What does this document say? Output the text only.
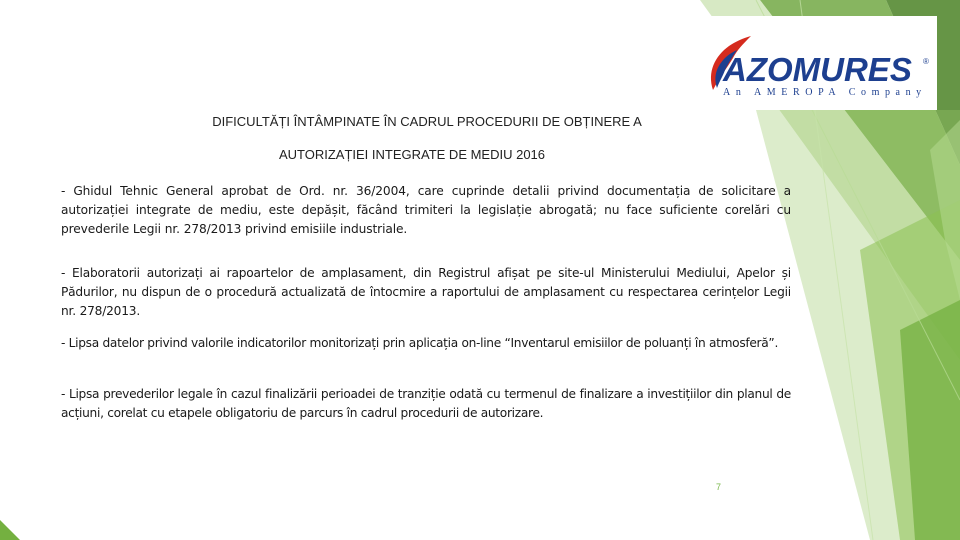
AZOMURES ®
An AMEROPA Company
DIFICULTĂȚI ÎNTÂMPINATE ÎN CADRUL PROCEDURII DE OBȚINERE A
AUTORIZAȚIEI INTEGRATE DE MEDIU 2016
- Ghidul Tehnic General aprobat de Ord. nr. 36/2004, care cuprinde detalii privind documentația de solicitare a autorizației integrate de mediu, este depășit, făcând trimiteri la legislație abrogată; nu face suficiente corelări cu prevederile Legii nr. 278/2013 privind emisiile industriale.
- Elaboratorii autorizați ai rapoartelor de amplasament, din Registrul afișat pe site-ul Ministerului Mediului, Apelor și Pădurilor, nu dispun de o procedură actualizată de întocmire a raportului de amplasament cu respectarea cerințelor Legii nr. 278/2013.
- Lipsa datelor privind valorile indicatorilor monitorizați prin aplicația on-line “Inventarul emisiilor de poluanți în atmosferă”.
- Lipsa prevederilor legale în cazul finalizării perioadei de tranziție odată cu termenul de finalizare a investițiilor din planul de acțiuni, corelat cu etapele obligatoriu de parcurs în cadrul procedurii de autorizare.
7
